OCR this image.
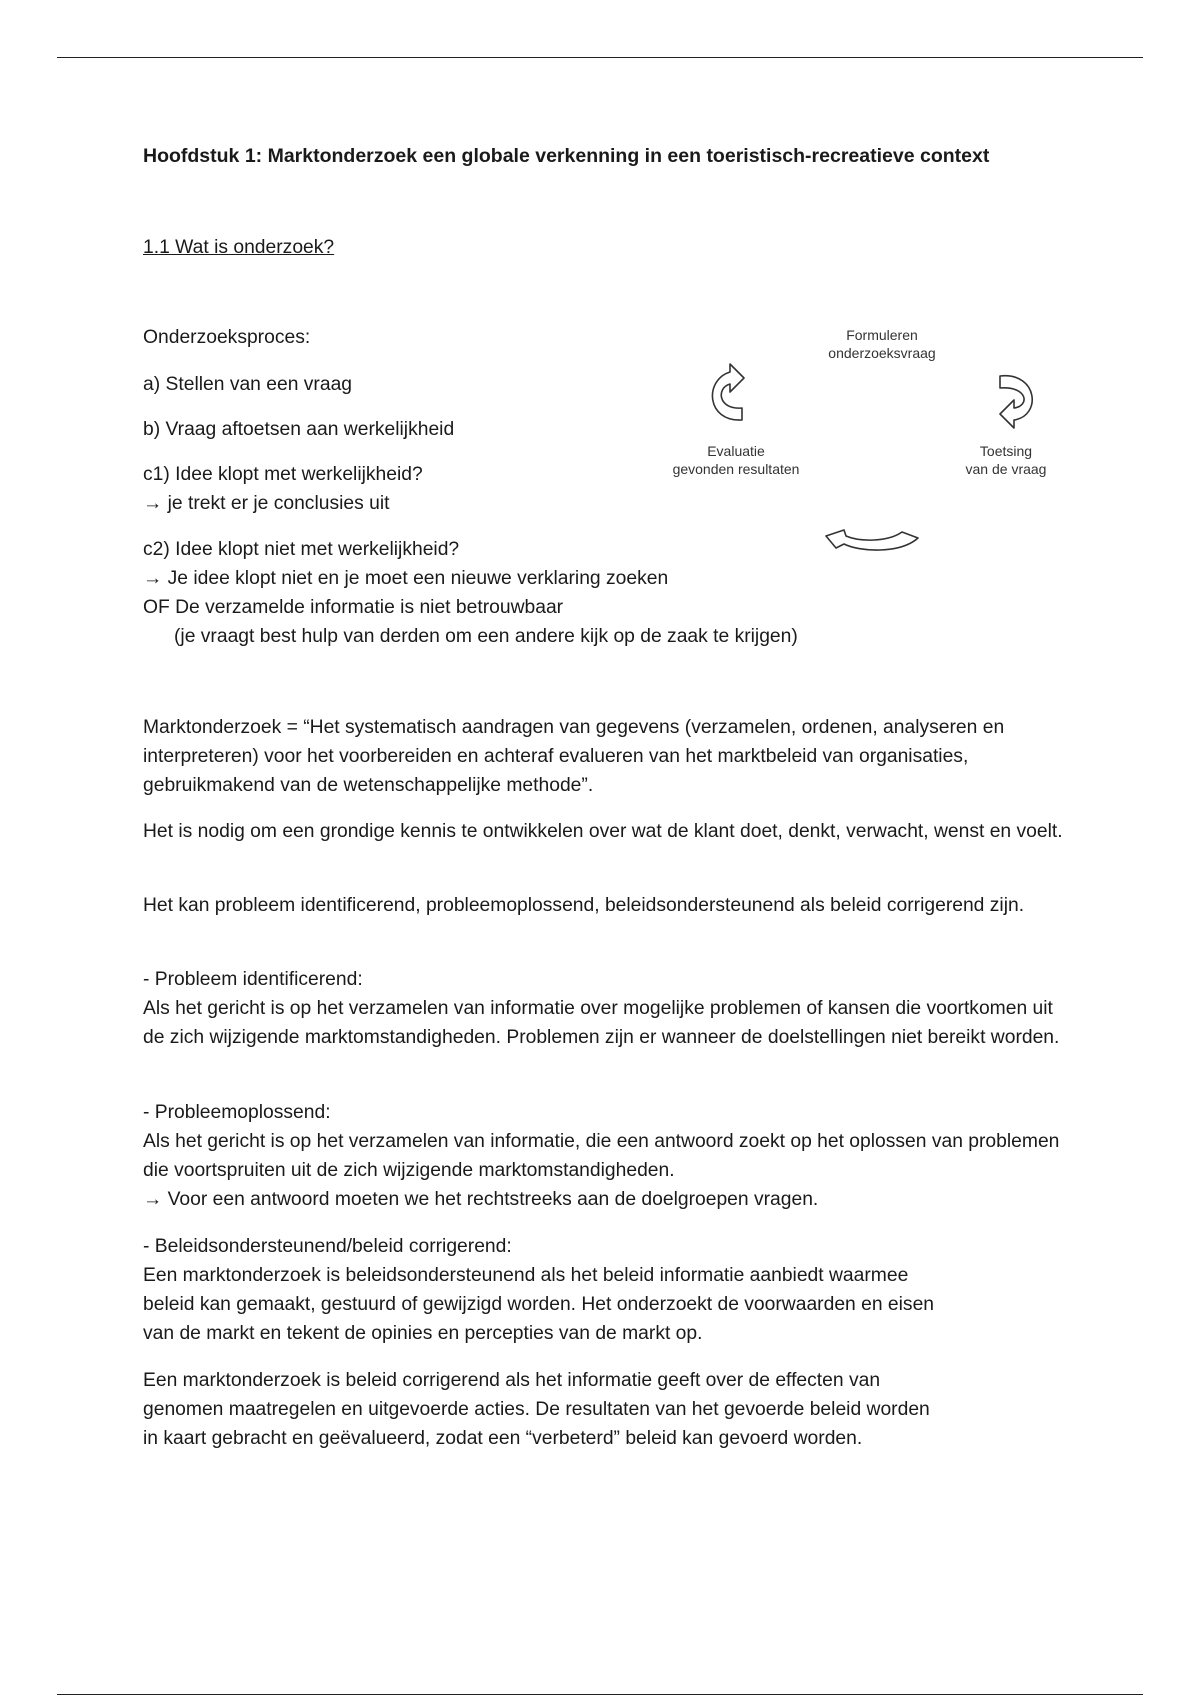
Hoofdstuk 1: Marktonderzoek een globale verkenning in een toeristisch-recreatieve context
1.1 Wat is onderzoek?
Onderzoeksproces:
a) Stellen van een vraag
b) Vraag aftoetsen aan werkelijkheid
c1) Idee klopt met werkelijkheid?
→ je trekt er je conclusies uit
c2) Idee klopt niet met werkelijkheid?
→ Je idee klopt niet en je moet een nieuwe verklaring zoeken
OF De verzamelde informatie is niet betrouwbaar
(je vraagt best hulp van derden om een andere kijk op de zaak te krijgen)
Marktonderzoek = “Het systematisch aandragen van gegevens (verzamelen, ordenen, analyseren en interpreteren) voor het voorbereiden en achteraf evalueren van het marktbeleid van organisaties, gebruikmakend van de wetenschappelijke methode”.
Het is nodig om een grondige kennis te ontwikkelen over wat de klant doet, denkt, verwacht, wenst en voelt.
Het kan probleem identificerend, probleemoplossend, beleidsondersteunend als beleid corrigerend zijn.

- Probleem identificerend:

Als het gericht is op het verzamelen van informatie over mogelijke problemen of kansen die voortkomen uit de zich wijzigende marktomstandigheden. Problemen zijn er wanneer de doelstellingen niet bereikt worden.

- Probleemoplossend:

Als het gericht is op het verzamelen van informatie, die een antwoord zoekt op het oplossen van problemen die voortspruiten uit de zich wijzigende marktomstandigheden.

→ Voor een antwoord moeten we het rechtstreeks aan de doelgroepen vragen.

- Beleidsondersteunend/beleid corrigerend:

Een marktonderzoek is beleidsondersteunend als het beleid informatie aanbiedt waarmee

beleid kan gemaakt, gestuurd of gewijzigd worden. Het onderzoekt de voorwaarden en eisen

van de markt en tekent de opinies en percepties van de markt op.

Een marktonderzoek is beleid corrigerend als het informatie geeft over de effecten van

genomen maatregelen en uitgevoerde acties. De resultaten van het gevoerde beleid worden

in kaart gebracht en geëvalueerd, zodat een “verbeterd” beleid kan gevoerd worden.

Formuleren
onderzoeksvraag
Evaluatie
gevonden resultaten
Toetsing
van de vraag
